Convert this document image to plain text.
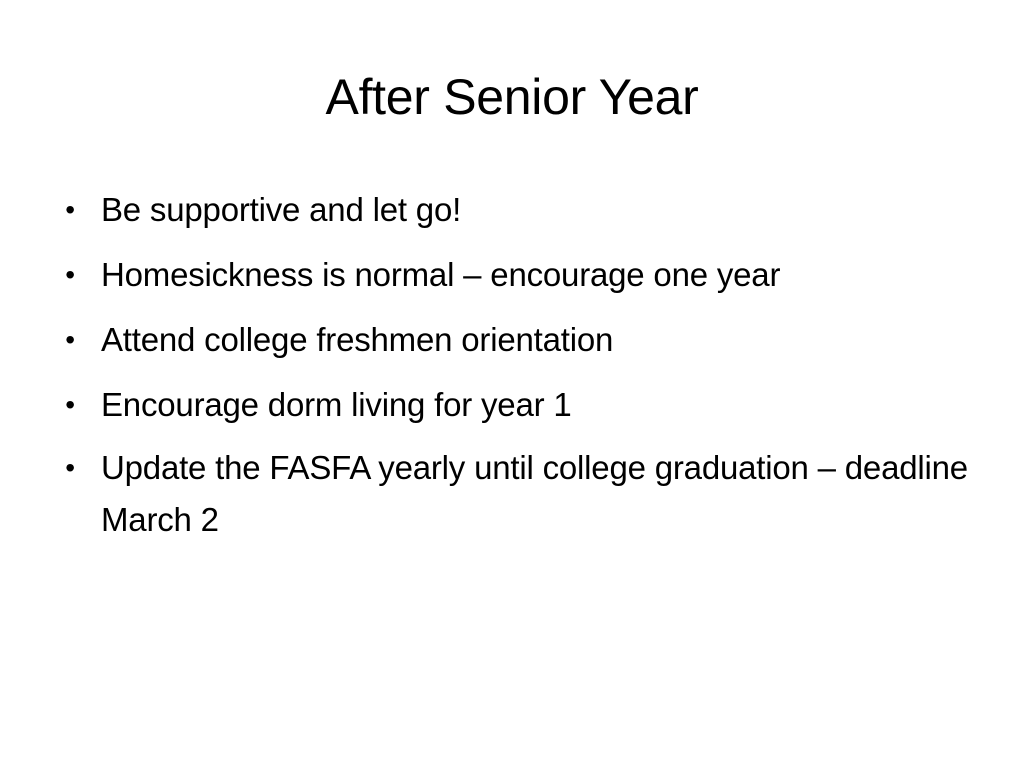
After Senior Year
• Be supportive and let go!
• Homesickness is normal – encourage one year
• Attend college freshmen orientation
• Encourage dorm living for year 1
• Update the FASFA yearly until college graduation – deadline March 2
